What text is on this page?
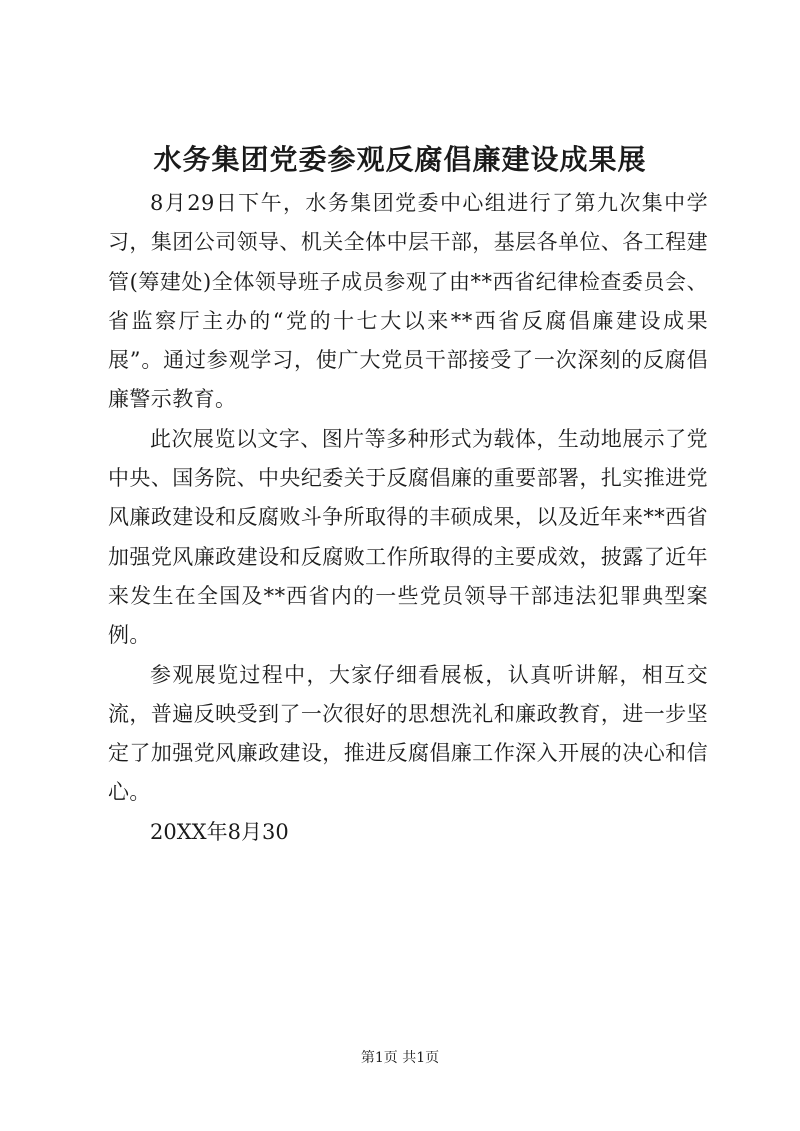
水务集团党委参观反腐倡廉建设成果展

8月29日下午，水务集团党委中心组进行了第九次集中学习，集团公司领导、机关全体中层干部，基层各单位、各工程建管(筹建处)全体领导班子成员参观了由**西省纪律检查委员会、省监察厅主办的“党的十七大以来**西省反腐倡廉建设成果展”。通过参观学习，使广大党员干部接受了一次深刻的反腐倡廉警示教育。

此次展览以文字、图片等多种形式为载体，生动地展示了党中央、国务院、中央纪委关于反腐倡廉的重要部署，扎实推进党风廉政建设和反腐败斗争所取得的丰硕成果，以及近年来**西省加强党风廉政建设和反腐败工作所取得的主要成效，披露了近年来发生在全国及**西省内的一些党员领导干部违法犯罪典型案例。

参观展览过程中，大家仔细看展板，认真听讲解，相互交流，普遍反映受到了一次很好的思想洗礼和廉政教育，进一步坚定了加强党风廉政建设，推进反腐倡廉工作深入开展的决心和信心。

20XX年8月30

第1页 共1页
